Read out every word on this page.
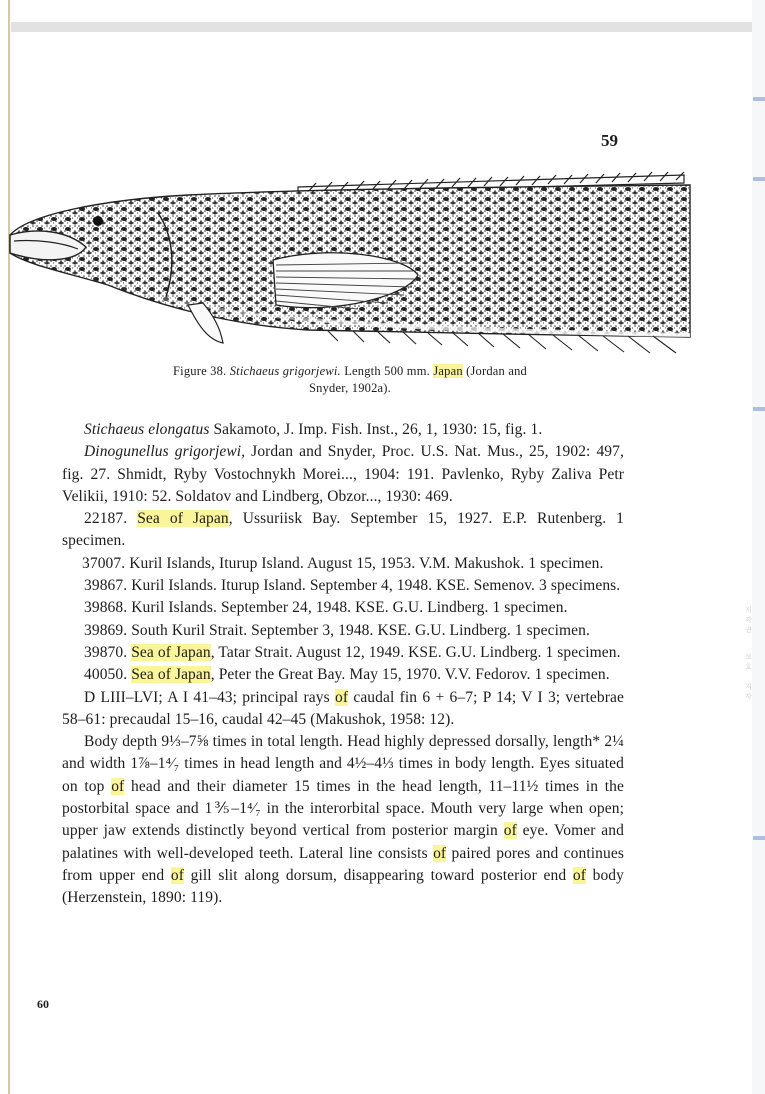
저
작
권
보
호
저
작
59
Figure 38. Stichaeus grigorjewi. Length 500 mm. Japan (Jordan and
Snyder, 1902a).

Stichaeus elongatus Sakamoto, J. Imp. Fish. Inst., 26, 1, 1930: 15, fig. 1.

Dinogunellus grigorjewi, Jordan and Snyder, Proc. U.S. Nat. Mus., 25, 1902: 497, fig. 27. Shmidt, Ryby Vostochnykh Morei..., 1904: 191. Pavlenko, Ryby Zaliva Petr Velikii, 1910: 52. Soldatov and Lindberg, Obzor..., 1930: 469.

22187. Sea of Japan, Ussuriisk Bay. September 15, 1927. E.P. Rutenberg. 1 specimen.

37007. Kuril Islands, Iturup Island. August 15, 1953. V.M. Makushok. 1 specimen.

39867. Kuril Islands. Iturup Island. September 4, 1948. KSE. Semenov. 3 specimens.

39868. Kuril Islands. September 24, 1948. KSE. G.U. Lindberg. 1 specimen.

39869. South Kuril Strait. September 3, 1948. KSE. G.U. Lindberg. 1 specimen.

39870. Sea of Japan, Tatar Strait. August 12, 1949. KSE. G.U. Lindberg. 1 specimen.

40050. Sea of Japan, Peter the Great Bay. May 15, 1970. V.V. Fedorov. 1 specimen.

D LIII–LVI; A I 41–43; principal rays of caudal fin 6 + 6–7; P 14; V I 3; vertebrae 58–61: precaudal 15–16, caudal 42–45 (Makushok, 1958: 12).

Body depth 9⅓–7⅝ times in total length. Head highly depressed dorsally, length* 2¼ and width 1⅞–1⁴⁄₇ times in head length and 4½–4⅓ times in body length. Eyes situated on top of head and their diameter 15 times in the head length, 11–11½ times in the postorbital space and 1⅗–1⁴⁄₇ in the interorbital space. Mouth very large when open; upper jaw extends distinctly beyond vertical from posterior margin of eye. Vomer and palatines with well-developed teeth. Lateral line consists of paired pores and continues from upper end of gill slit along dorsum, disappearing toward posterior end of body (Herzenstein, 1890: 119).

60
